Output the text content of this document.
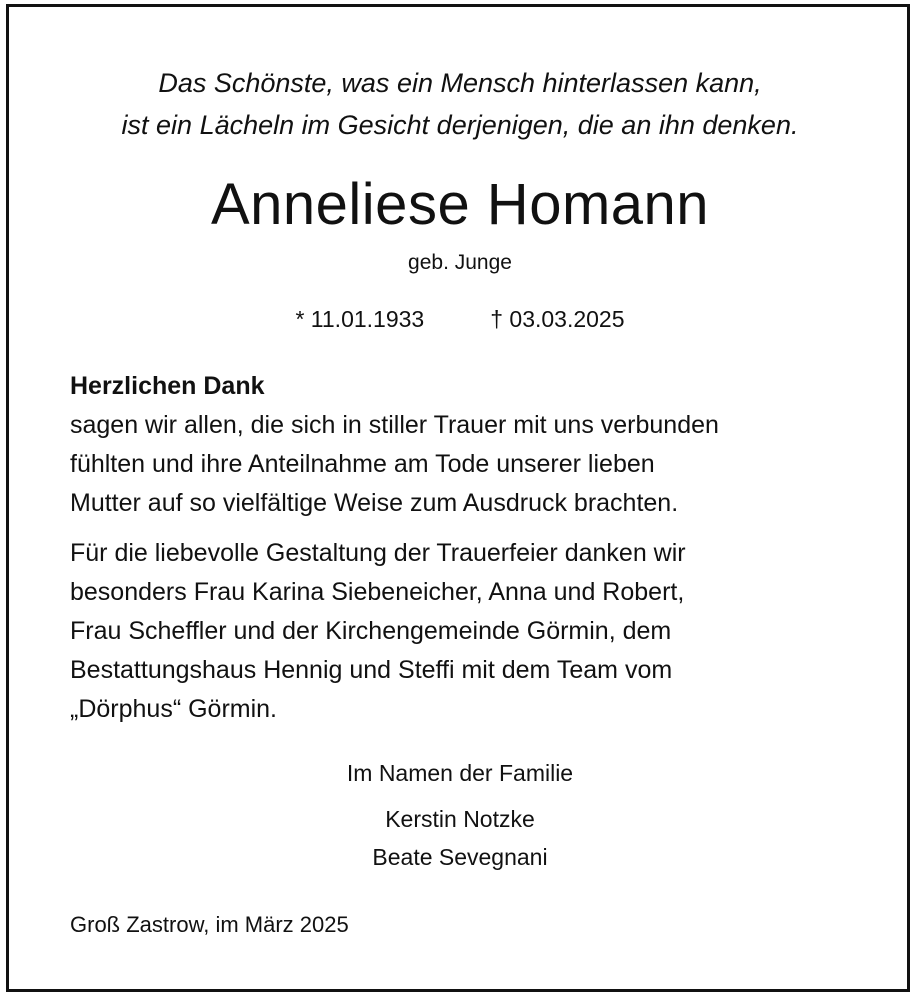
Das Schönste, was ein Mensch hinterlassen kann,
ist ein Lächeln im Gesicht derjenigen, die an ihn denken.
Anneliese Homann
geb. Junge
* 11.01.1933	† 03.03.2025
Herzlichen Dank
sagen wir allen, die sich in stiller Trauer mit uns verbunden
fühlten und ihre Anteilnahme am Tode unserer lieben
Mutter auf so vielfältige Weise zum Ausdruck brachten.
Für die liebevolle Gestaltung der Trauerfeier danken wir
besonders Frau Karina Siebeneicher, Anna und Robert,
Frau Scheffler und der Kirchengemeinde Görmin, dem
Bestattungshaus Hennig und Steffi mit dem Team vom
„Dörphus“ Görmin.
Im Namen der Familie
Kerstin Notzke
Beate Sevegnani
Groß Zastrow, im März 2025
